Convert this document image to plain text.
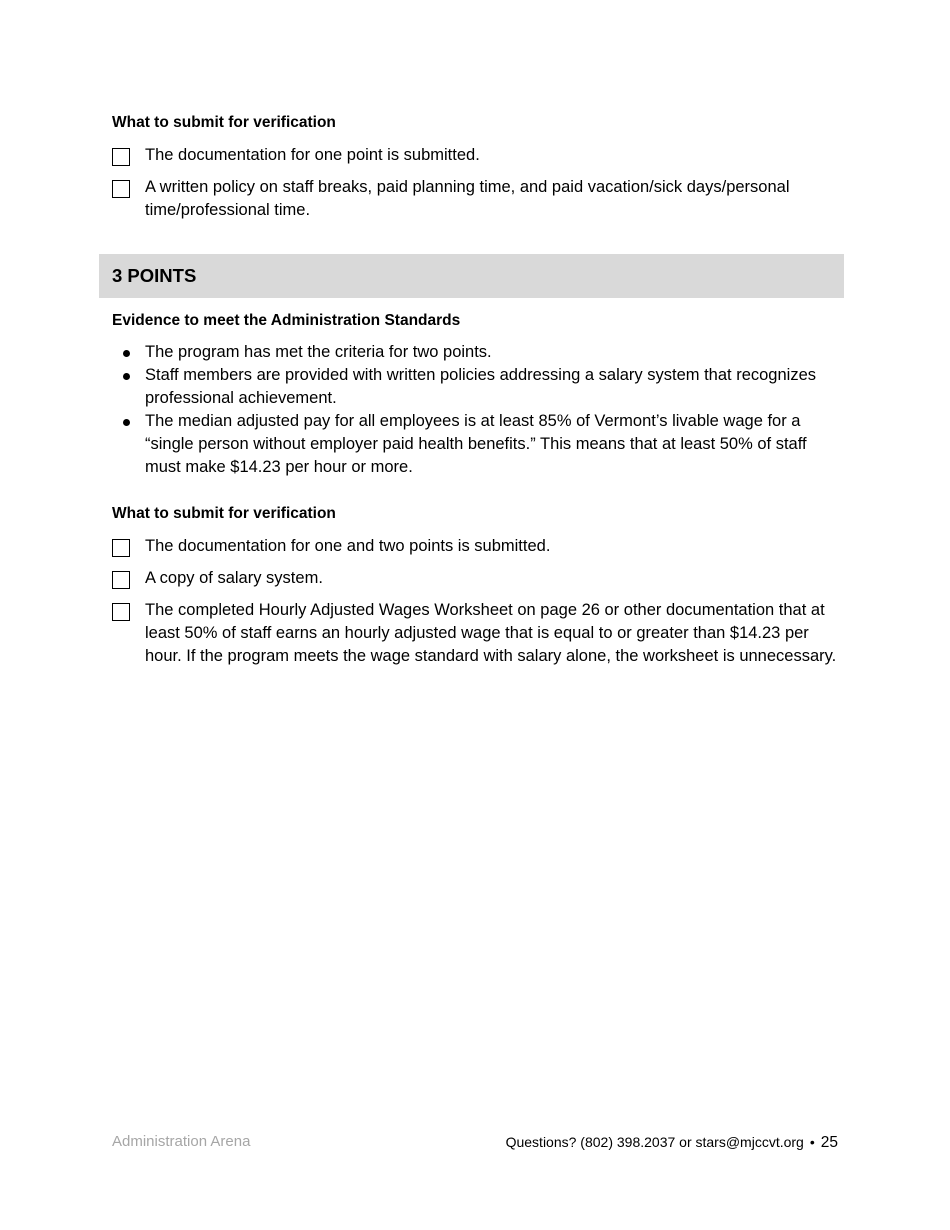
What to submit for verification
The documentation for one point is submitted.
A written policy on staff breaks, paid planning time, and paid vacation/sick days/personal time/professional time.
3 POINTS
Evidence to meet the Administration Standards
The program has met the criteria for two points.
Staff members are provided with written policies addressing a salary system that recognizes professional achievement.
The median adjusted pay for all employees is at least 85% of Vermont’s livable wage for a “single person without employer paid health benefits.” This means that at least 50% of staff must make $14.23 per hour or more.
What to submit for verification
The documentation for one and two points is submitted.
A copy of salary system.
The completed Hourly Adjusted Wages Worksheet on page 26 or other documentation that at least 50% of staff earns an hourly adjusted wage that is equal to or greater than $14.23 per hour. If the program meets the wage standard with salary alone, the worksheet is unnecessary.
Administration Arena	Questions? (802) 398.2037 or stars@mjccvt.org • 25
